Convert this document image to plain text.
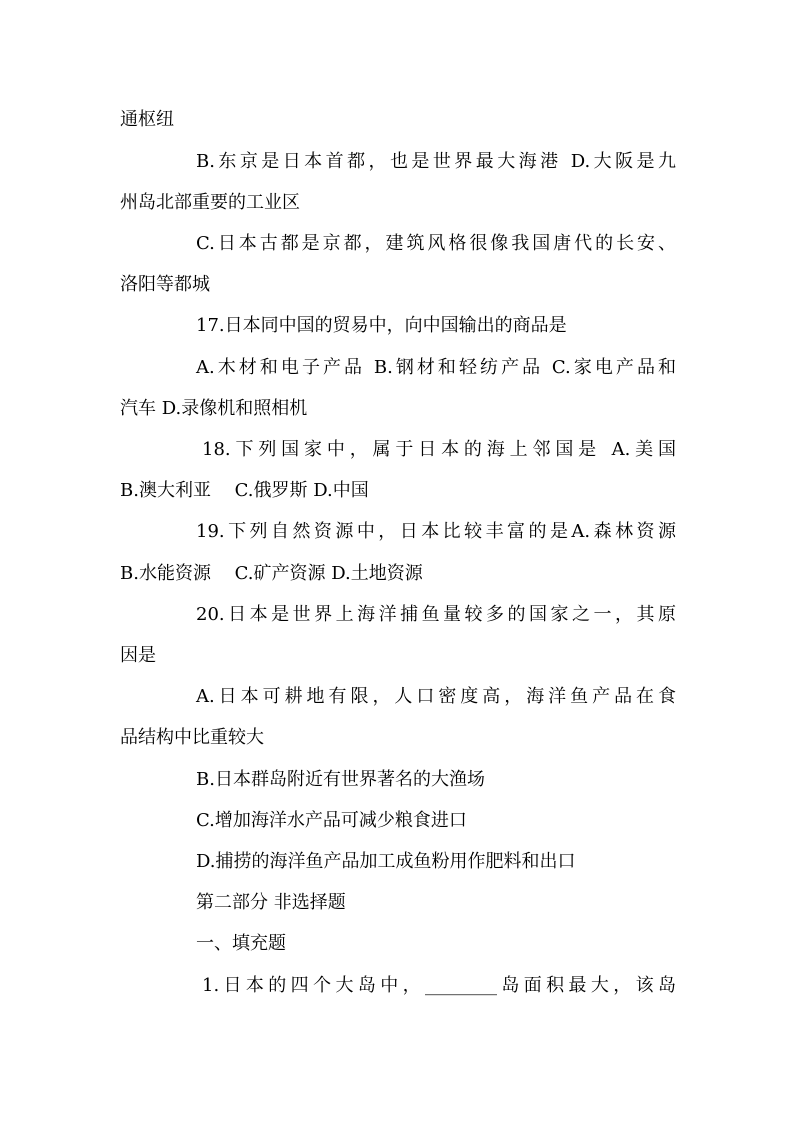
通枢纽
B.东京是日本首都，也是世界最大海港 D.大阪是九
州岛北部重要的工业区
C.日本古都是京都，建筑风格很像我国唐代的长安、
洛阳等都城
17.日本同中国的贸易中，向中国输出的商品是
A.木材和电子产品 B.钢材和轻纺产品 C.家电产品和
汽车 D.录像机和照相机
18.下列国家中，属于日本的海上邻国是 A.美国
B.澳大利亚　 C.俄罗斯 D.中国
19.下列自然资源中，日本比较丰富的是A.森林资源
B.水能资源　 C.矿产资源 D.土地资源
20.日本是世界上海洋捕鱼量较多的国家之一，其原
因是
A.日本可耕地有限，人口密度高，海洋鱼产品在食
品结构中比重较大
B.日本群岛附近有世界著名的大渔场
C.增加海洋水产品可减少粮食进口
D.捕捞的海洋鱼产品加工成鱼粉用作肥料和出口
第二部分 非选择题
一、填充题
1.日本的四个大岛中，________岛面积最大，该岛
